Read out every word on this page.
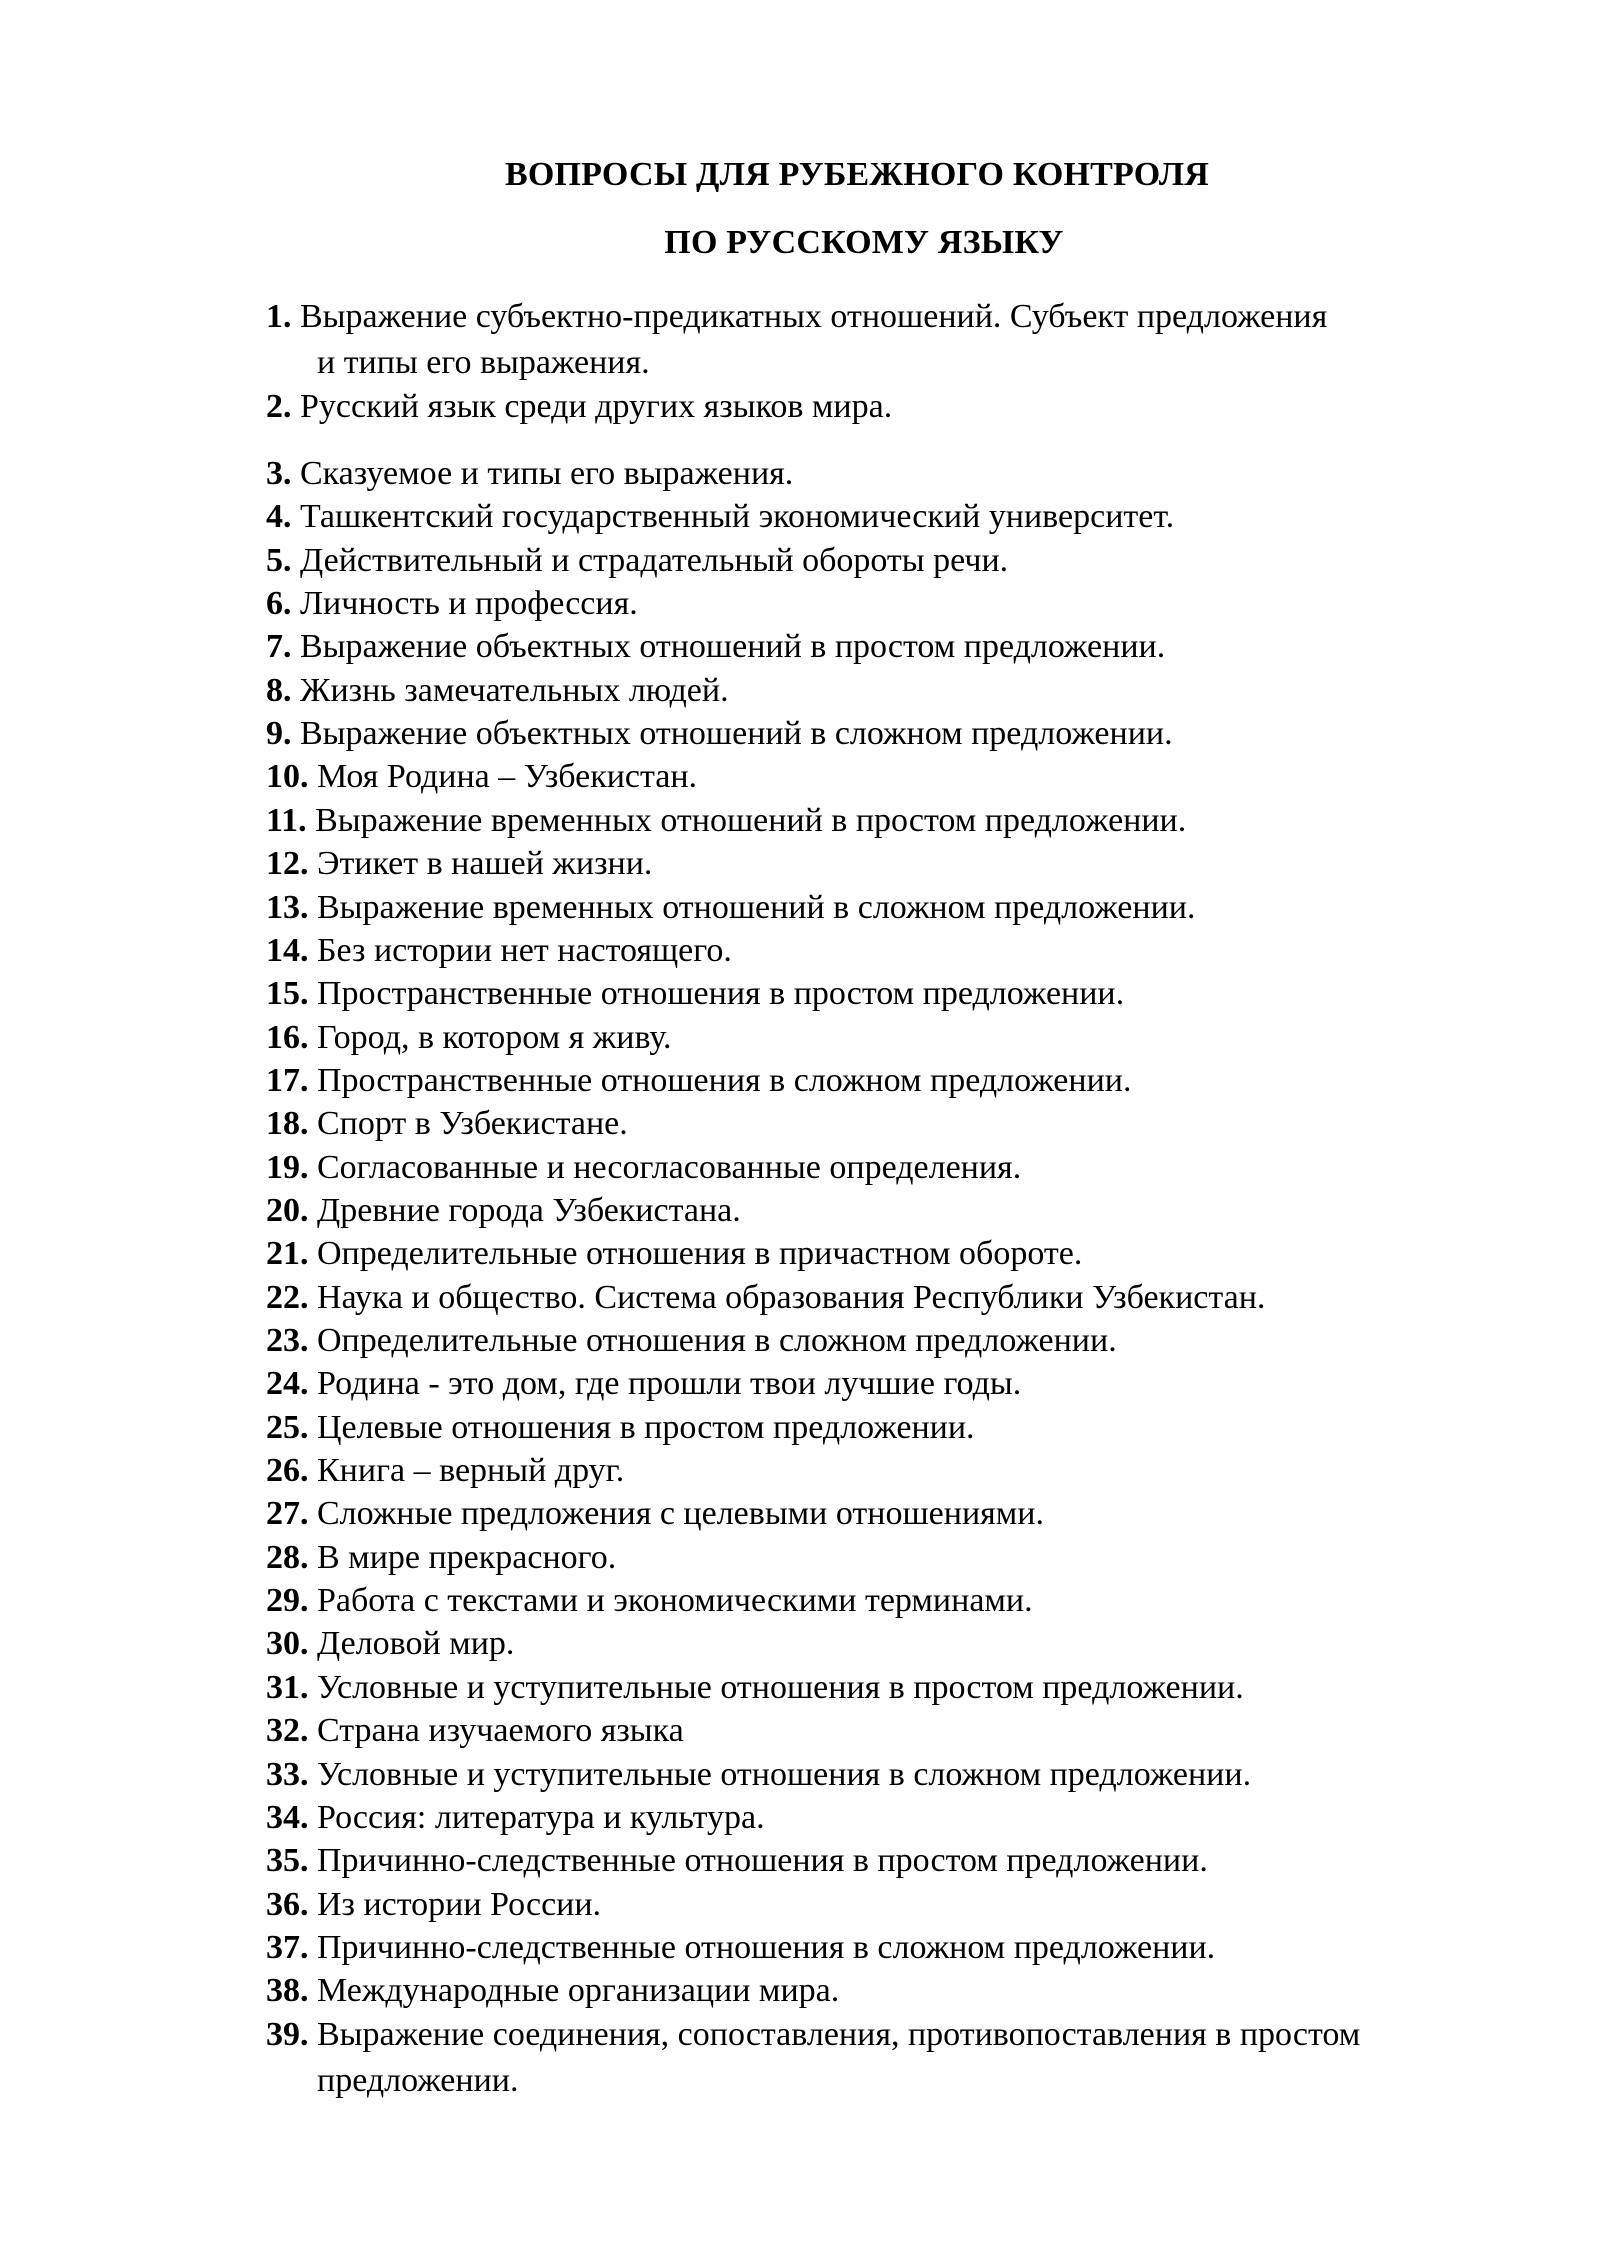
ВОПРОСЫ ДЛЯ РУБЕЖНОГО КОНТРОЛЯ
ПО РУССКОМУ ЯЗЫКУ
1. Выражение субъектно-предикатных отношений. Субъект предложения
и типы его выражения.
2. Русский язык среди других языков мира.
3. Сказуемое и типы его выражения.
4. Ташкентский государственный экономический университет.
5. Действительный и страдательный обороты речи.
6. Личность и профессия.
7. Выражение объектных отношений в простом предложении.
8. Жизнь замечательных людей.
9. Выражение объектных отношений в сложном предложении.
10. Моя Родина – Узбекистан.
11. Выражение временных отношений в простом предложении.
12. Этикет в нашей жизни.
13. Выражение временных отношений в сложном предложении.
14. Без истории нет настоящего.
15. Пространственные отношения в простом предложении.
16. Город, в котором я живу.
17. Пространственные отношения в сложном предложении.
18. Спорт в Узбекистане.
19. Согласованные и несогласованные определения.
20. Древние города Узбекистана.
21. Определительные отношения в причастном обороте.
22. Наука и общество. Система образования Республики Узбекистан.
23. Определительные отношения в сложном предложении.
24. Родина - это дом, где прошли твои лучшие годы.
25. Целевые отношения в простом предложении.
26. Книга – верный друг.
27. Сложные предложения с целевыми отношениями.
28. В мире прекрасного.
29. Работа с текстами и экономическими терминами.
30. Деловой мир.
31. Условные и уступительные отношения в простом предложении.
32. Страна изучаемого языка
33. Условные и уступительные отношения в сложном предложении.
34. Россия: литература и культура.
35. Причинно-следственные отношения в простом предложении.
36. Из истории России.
37. Причинно-следственные отношения в сложном предложении.
38. Международные организации мира.
39. Выражение соединения, сопоставления, противопоставления в простом
предложении.
